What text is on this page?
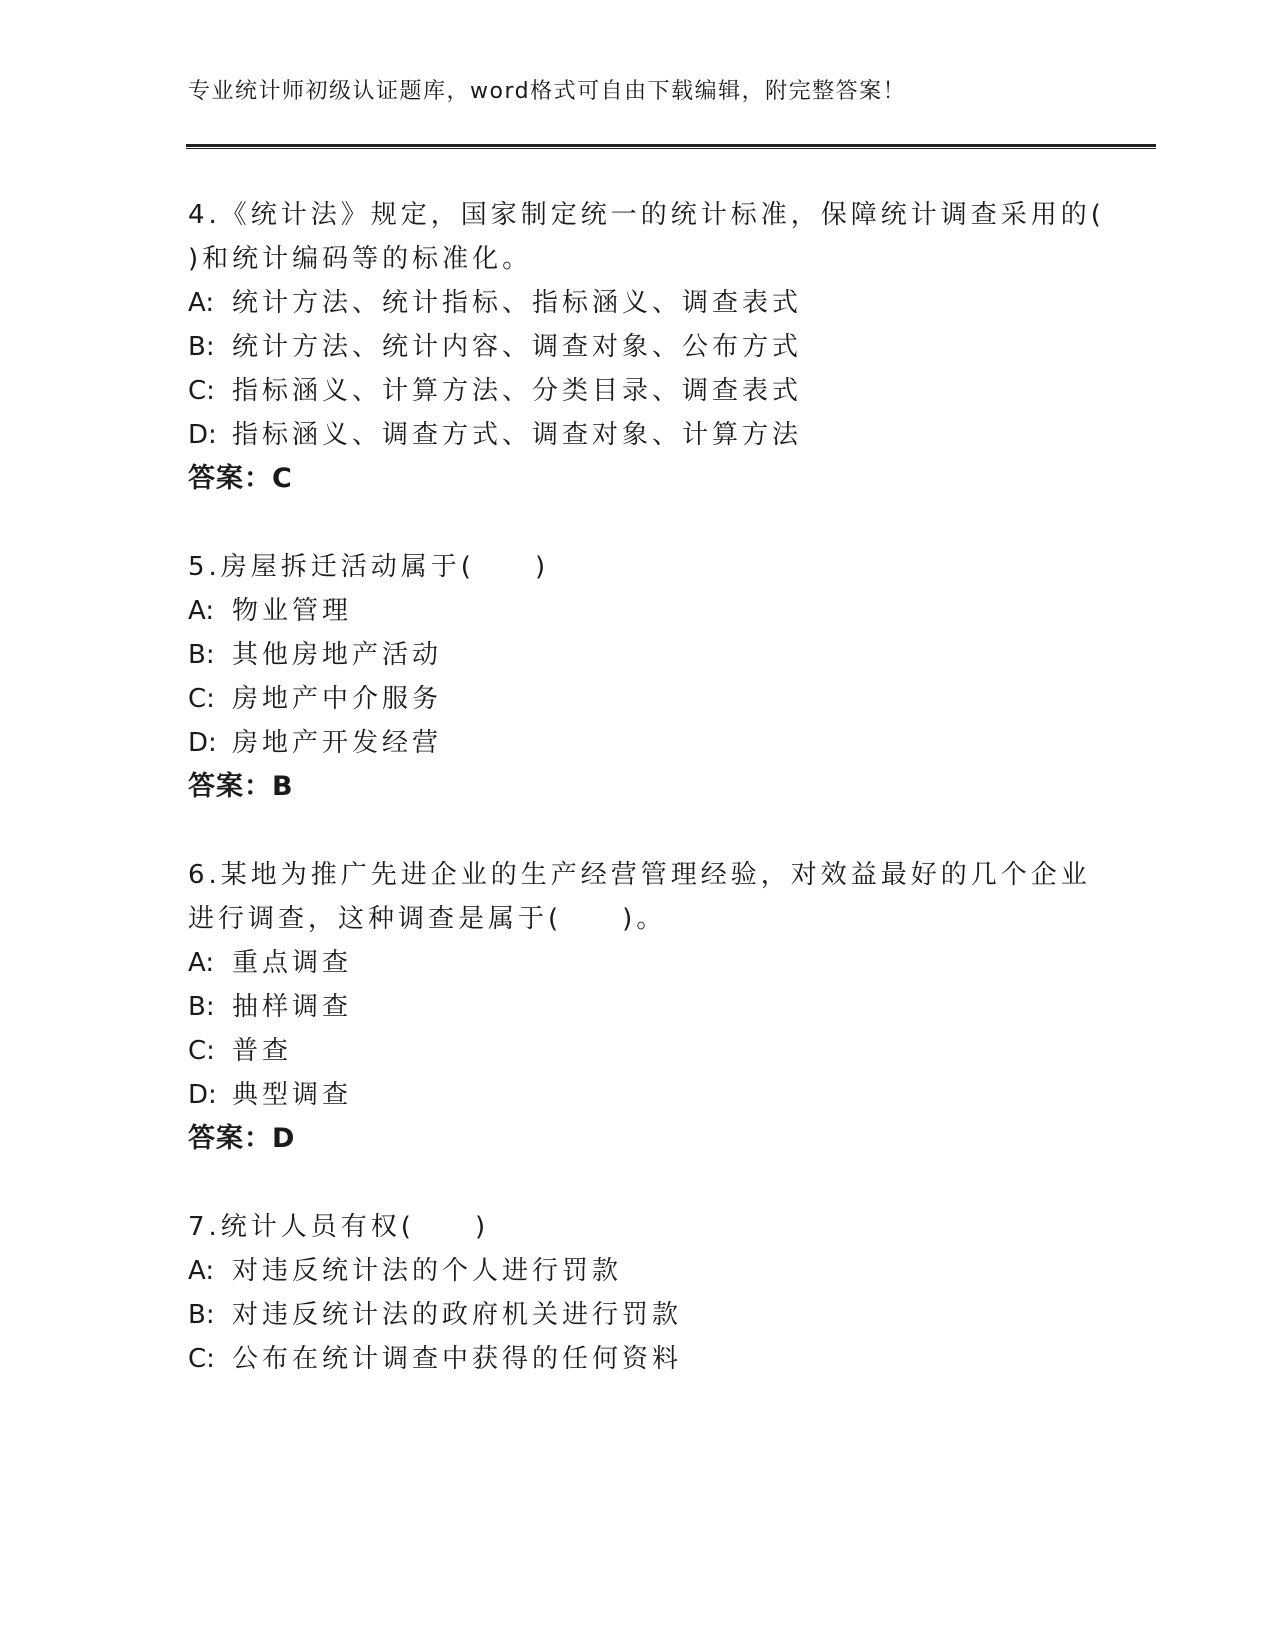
专业统计师初级认证题库，word格式可自由下载编辑，附完整答案！
4.《统计法》规定，国家制定统一的统计标准，保障统计调查采用的(
)和统计编码等的标准化。
A: 统计方法、统计指标、指标涵义、调查表式
B: 统计方法、统计内容、调查对象、公布方式
C: 指标涵义、计算方法、分类目录、调查表式
D: 指标涵义、调查方式、调查对象、计算方法
答案：C
5.房屋拆迁活动属于(　　)
A: 物业管理
B: 其他房地产活动
C: 房地产中介服务
D: 房地产开发经营
答案：B
6.某地为推广先进企业的生产经营管理经验，对效益最好的几个企业
进行调查，这种调查是属于(　　)。
A: 重点调查
B: 抽样调查
C: 普查
D: 典型调查
答案：D
7.统计人员有权(　　)
A: 对违反统计法的个人进行罚款
B: 对违反统计法的政府机关进行罚款
C: 公布在统计调查中获得的任何资料
